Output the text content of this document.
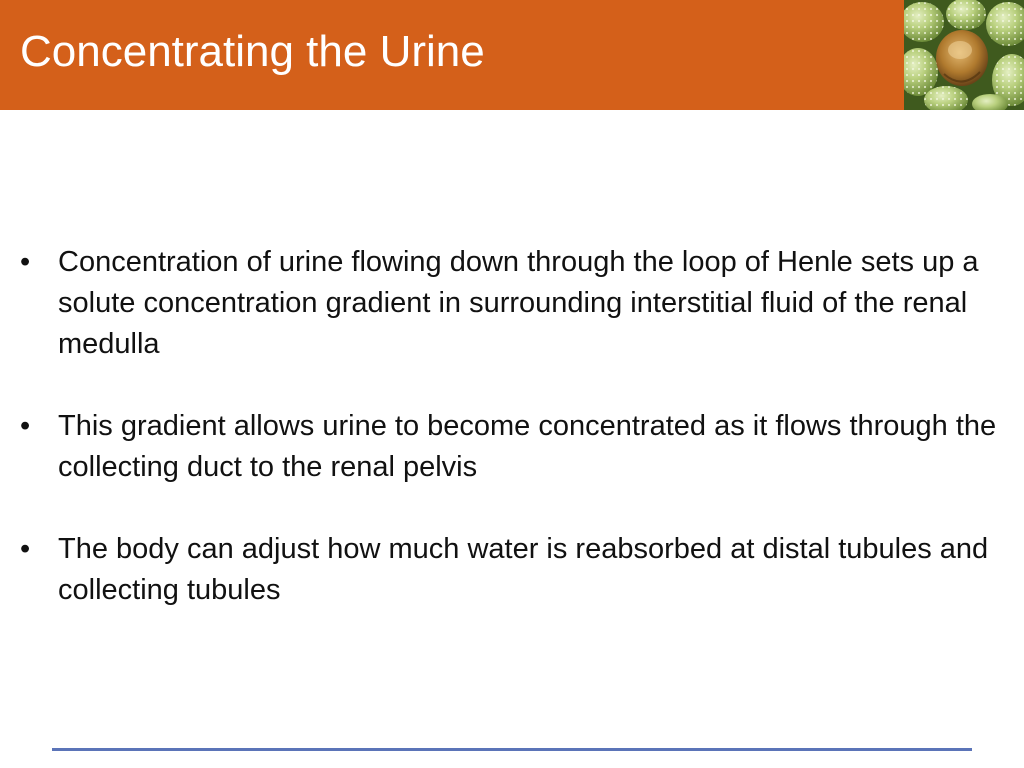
Concentrating the Urine
• Concentration of urine flowing down through the loop of Henle sets up a solute concentration gradient in surrounding interstitial fluid of the renal medulla
• This gradient allows urine to become concentrated as it flows through the collecting duct to the renal pelvis
• The body can adjust how much water is reabsorbed at distal tubules and collecting tubules
